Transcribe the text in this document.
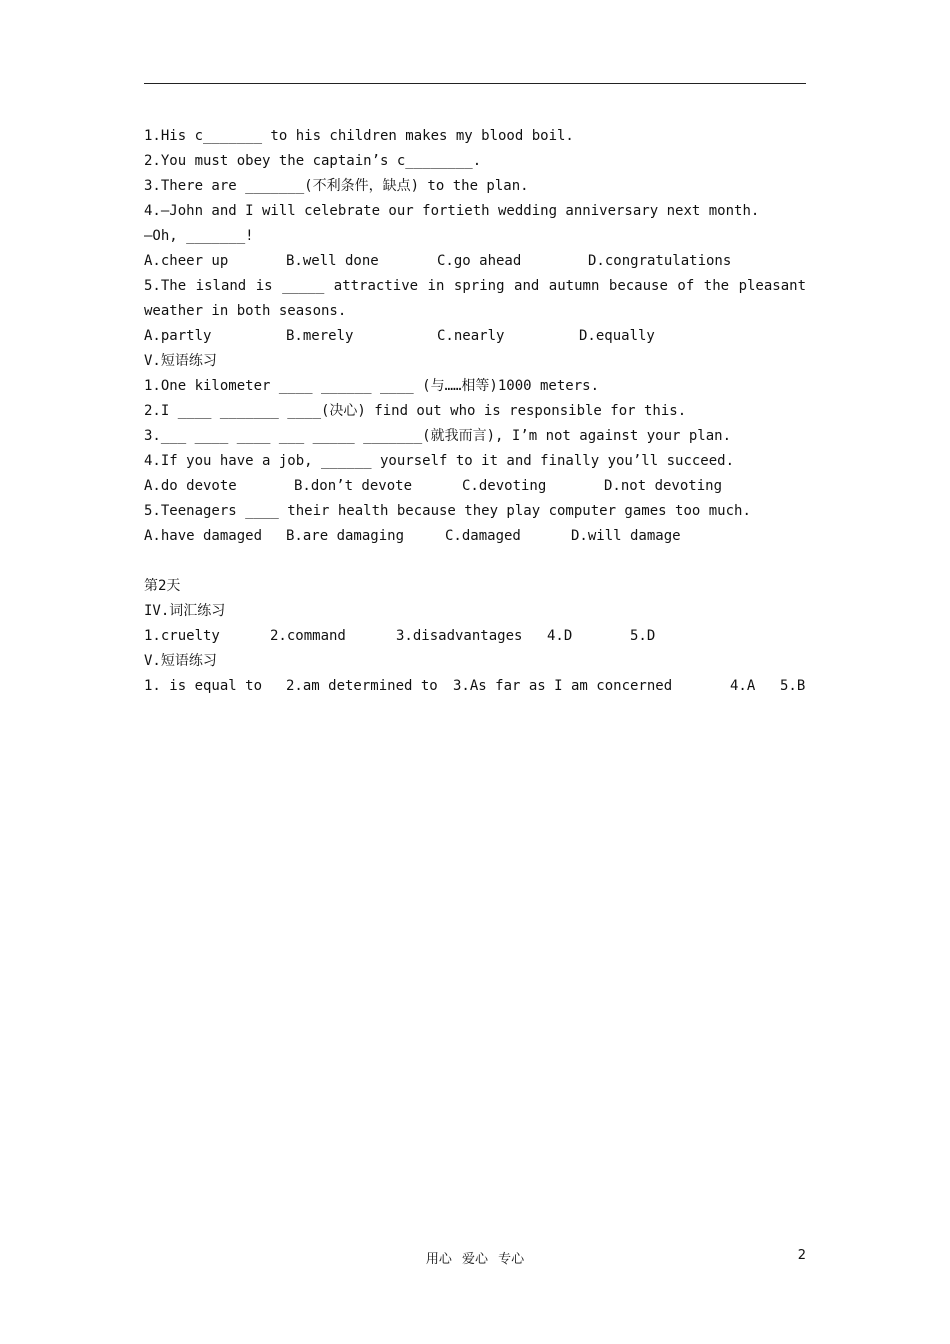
1.His c_______ to his children makes my blood boil.
2.You must obey the captain’s c________.
3.There are _______(不利条件，缺点) to the plan.
4.—John and I will celebrate our fortieth wedding anniversary next month.
—Oh, _______!
A.cheer up	B.well done	C.go ahead	D.congratulations
5.The island is _____ attractive in spring and autumn because of the pleasant
weather in both seasons.
A.partly	B.merely	C.nearly	D.equally
V.短语练习
1.One kilometer ____ ______ ____ (与……相等)1000 meters.
2.I ____ _______ ____(决心) find out who is responsible for this.
3.___ ____ ____ ___ _____ _______(就我而言), I’m not against your plan.
4.If you have a job, ______ yourself to it and finally you’ll succeed.
A.do devote	B.don’t devote	C.devoting	D.not devoting
5.Teenagers ____ their health because they play computer games too much.
A.have damaged	B.are damaging	C.damaged	D.will damage
第2天
IV.词汇练习
1.cruelty	2.command	3.disadvantages	4.D	5.D
V.短语练习
1. is equal to	2.am determined to	3.As far as I am concerned	4.A	5.B
用心 爱心 专心	2
